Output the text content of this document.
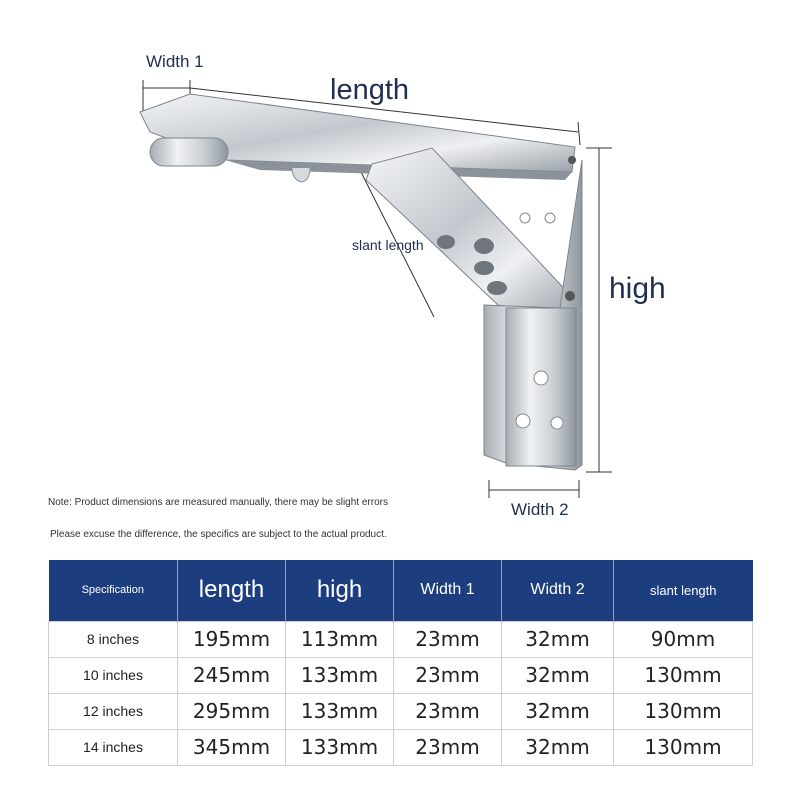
Width 1
length
slant length
high
Width 2
Note: Product dimensions are measured manually, there may be slight errors
Please excuse the difference, the specifics are subject to the actual product.
Specification	length	high	Width 1	Width 2	slant length
8 inches	195mm	113mm	23mm	32mm	90mm
10 inches	245mm	133mm	23mm	32mm	130mm
12 inches	295mm	133mm	23mm	32mm	130mm
14 inches	345mm	133mm	23mm	32mm	130mm
